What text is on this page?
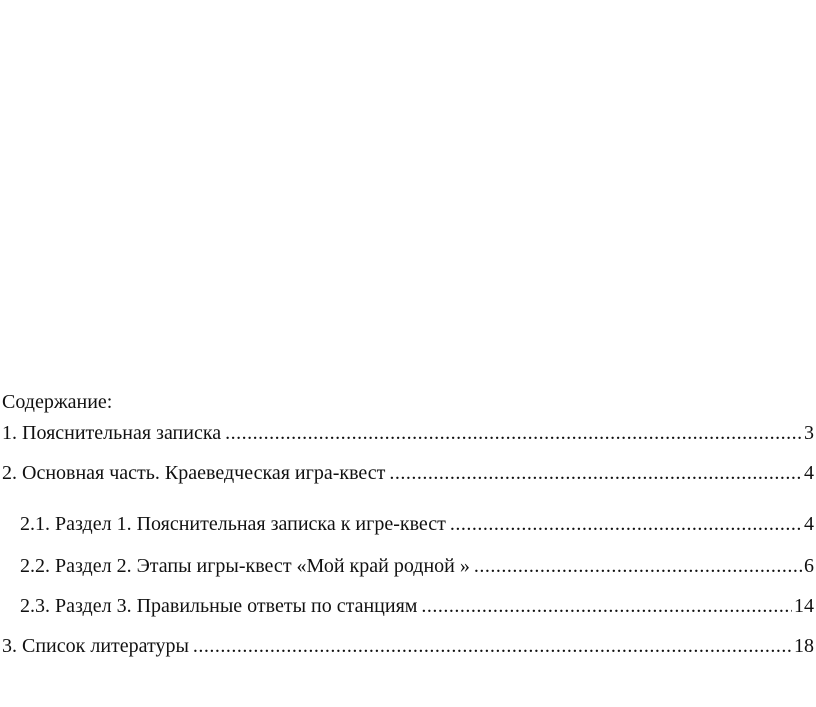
Содержание:
1. Пояснительная записка .....	3
2. Основная часть. Краеведческая игра-квест .....	4
2.1. Раздел 1. Пояснительная записка к игре-квест .....	4
2.2. Раздел 2. Этапы игры-квест «Мой край родной » .....	6
2.3. Раздел 3. Правильные ответы по станциям .....	14
3. Список литературы .....	18
